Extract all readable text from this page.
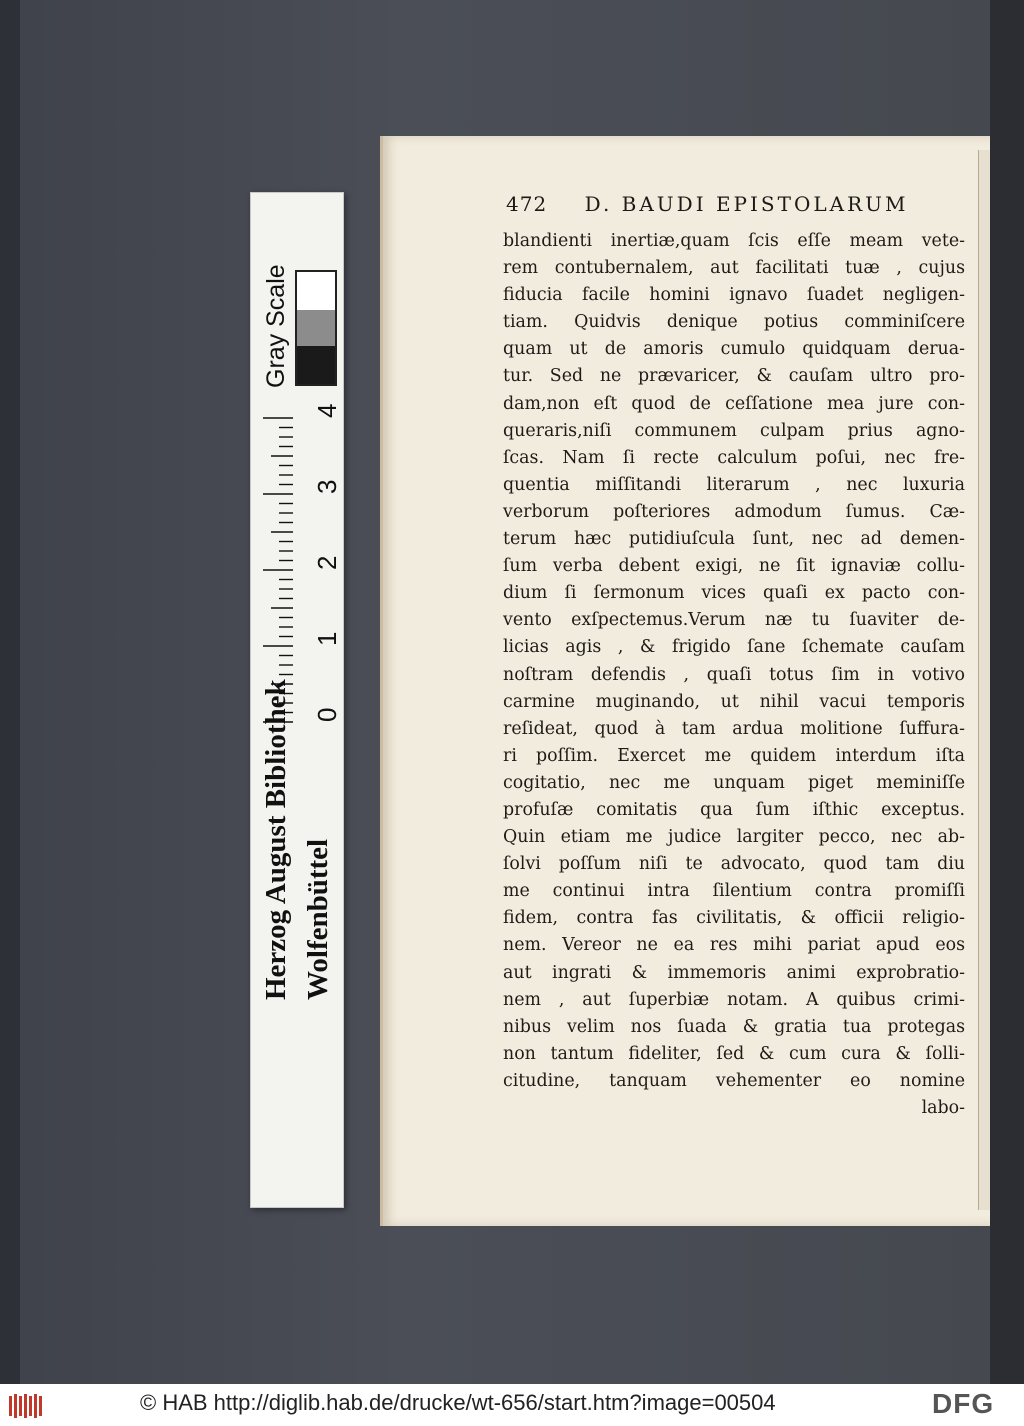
Herzog August Bibliothek Wolfenbüttel
Gray Scale
0
1
2
3
4
472 D. BAUDI EPISTOLARUM
blandienti inertiæ,quam ſcis eſſe meam vete-
rem contubernalem, aut facilitati tuæ , cujus
fiducia facile homini ignavo ſuadet negligen-
tiam. Quidvis denique potius comminiſcere
quam ut de amoris cumulo quidquam derua-
tur. Sed ne prævaricer, & cauſam ultro pro-
dam,non eſt quod de ceſſatione mea jure con-
queraris,niſi communem culpam prius agno-
ſcas. Nam ſi recte calculum poſui, nec fre-
quentia miſſitandi literarum , nec luxuria
verborum poſteriores admodum ſumus. Cæ-
terum hæc putidiuſcula ſunt, nec ad demen-
ſum verba debent exigi, ne ſit ignaviæ collu-
dium ſi ſermonum vices quaſi ex pacto con-
vento exſpectemus.Verum næ tu ſuaviter de-
licias agis , & frigido ſane ſchemate cauſam
noſtram defendis , quaſi totus ſim in votivo
carmine muginando, ut nihil vacui temporis
reſideat, quod à tam ardua molitione ſuffura-
ri poſſim. Exercet me quidem interdum iſta
cogitatio, nec me unquam piget meminiſſe
profuſæ comitatis qua ſum iſthic exceptus.
Quin etiam me judice largiter pecco, nec ab-
ſolvi poſſum niſi te advocato, quod tam diu
me continui intra ſilentium contra promiſſi
fidem, contra fas civilitatis, & officii religio-
nem. Vereor ne ea res mihi pariat apud eos
aut ingrati & immemoris animi exprobratio-
nem , aut ſuperbiæ notam. A quibus crimi-
nibus velim nos ſuada & gratia tua protegas
non tantum fideliter, ſed & cum cura & ſolli-
citudine, tanquam vehementer eo nomine
labo-
© HAB http://diglib.hab.de/drucke/wt-656/start.htm?image=00504	DFG
